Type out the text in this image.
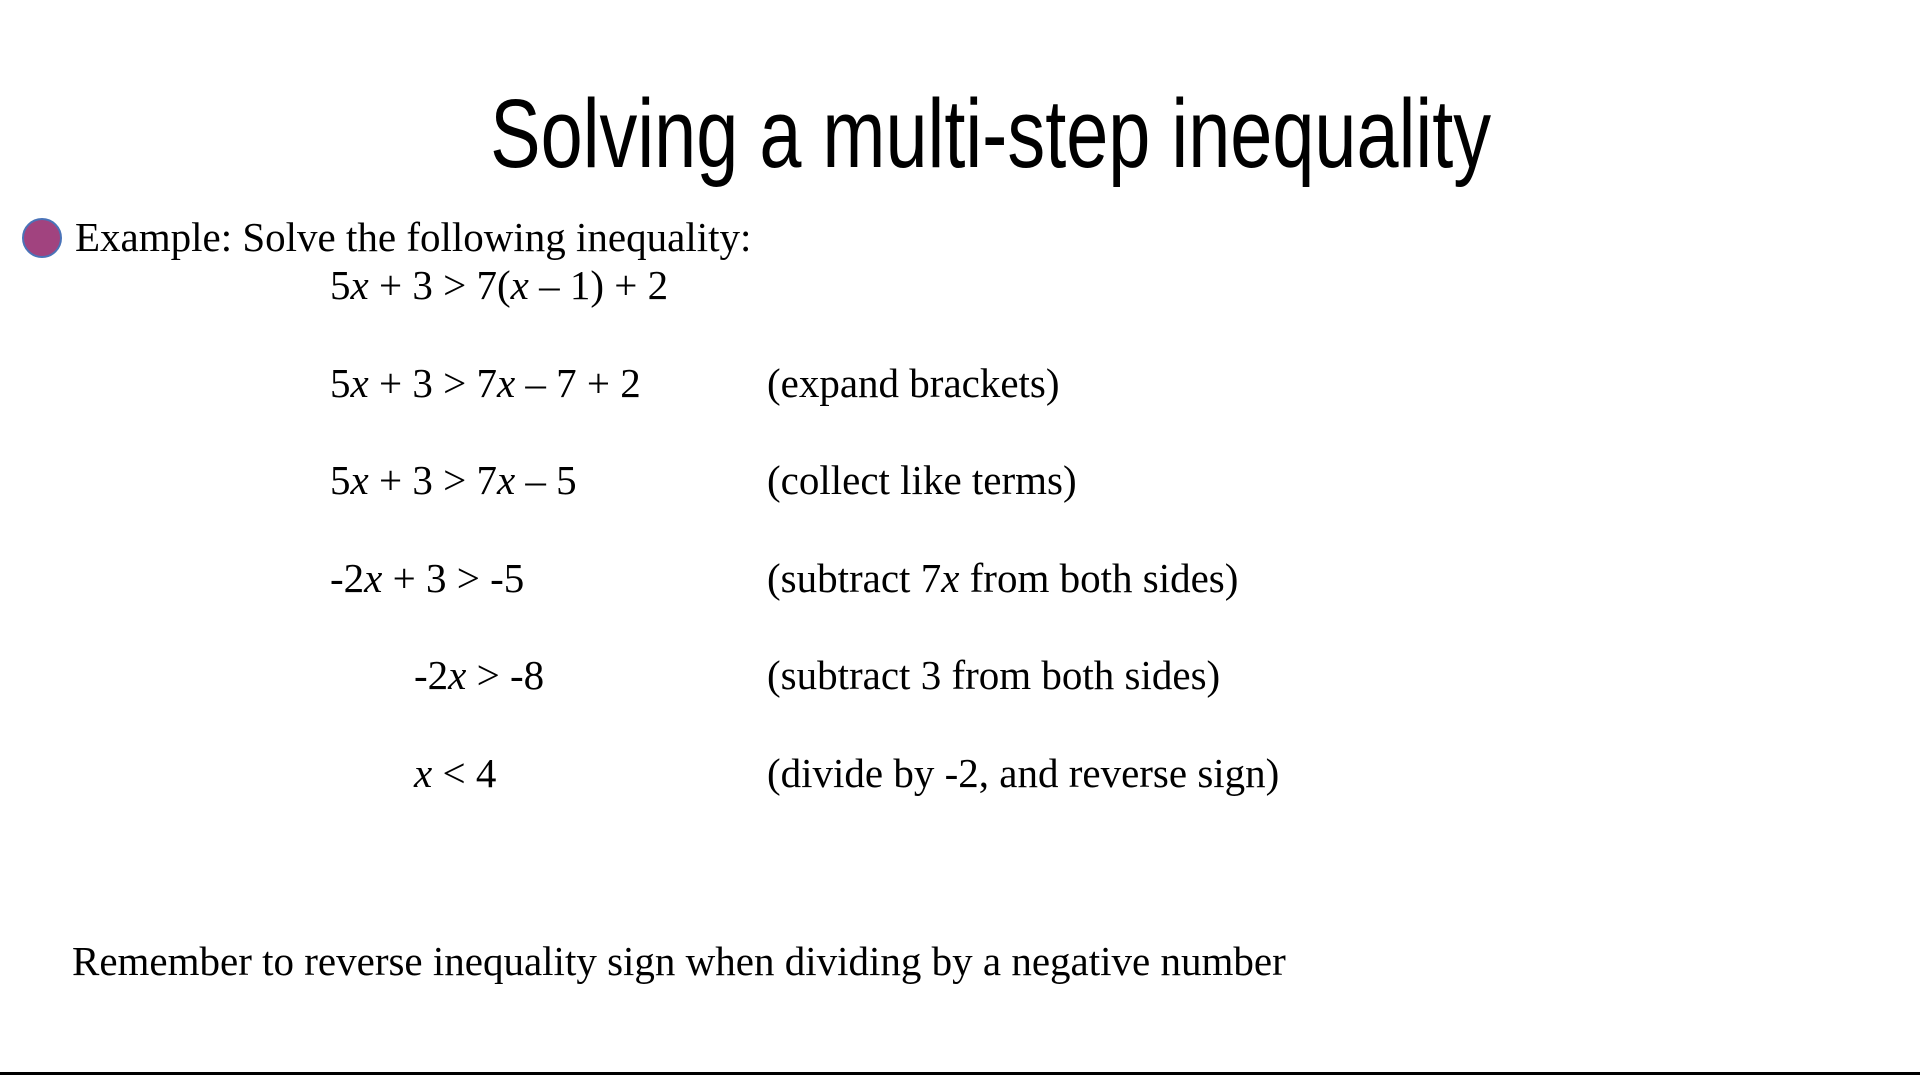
Solving a multi-step inequality
Example: Solve the following inequality:
5x + 3 > 7(x – 1) + 2
5x + 3 > 7x – 7 + 2	(expand brackets)
5x + 3 > 7x – 5	(collect like terms)
-2x + 3 > -5	(subtract 7x from both sides)
-2x > -8	(subtract 3 from both sides)
x < 4	(divide by -2, and reverse sign)

Remember to reverse inequality sign when dividing by a negative number
